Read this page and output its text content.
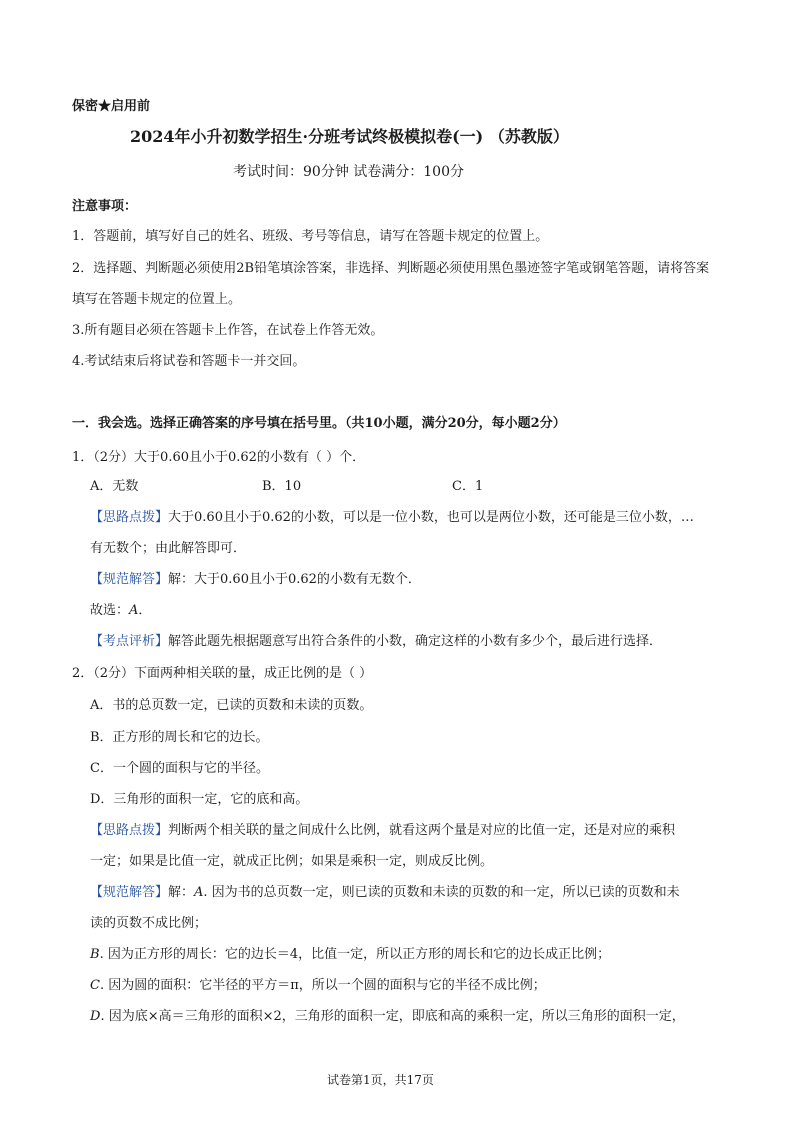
保密★启用前
2024年小升初数学招生·分班考试终极模拟卷(一) （苏教版）
考试时间：90分钟 试卷满分：100分
注意事项：
1．答题前，填写好自己的姓名、班级、考号等信息，请写在答题卡规定的位置上。
2．选择题、判断题必须使用2B铅笔填涂答案，非选择、判断题必须使用黑色墨迹签字笔或钢笔答题，请将答案
填写在答题卡规定的位置上。
3.所有题目必须在答题卡上作答，在试卷上作答无效。
4.考试结束后将试卷和答题卡一并交回。
一．我会选。选择正确答案的序号填在括号里。（共10小题，满分20分，每小题2分）
1．（2分）大于0.60且小于0.62的小数有（ ）个．
A．无数	B．10	C．1
【思路点拨】大于0.60且小于0.62的小数，可以是一位小数，也可以是两位小数，还可能是三位小数，…
有无数个；由此解答即可．
【规范解答】解：大于0.60且小于0.62的小数有无数个．
故选：A．
【考点评析】解答此题先根据题意写出符合条件的小数，确定这样的小数有多少个，最后进行选择．
2．（2分）下面两种相关联的量，成正比例的是（ ）
A．书的总页数一定，已读的页数和未读的页数。
B．正方形的周长和它的边长。
C．一个圆的面积与它的半径。
D．三角形的面积一定，它的底和高。
【思路点拨】判断两个相关联的量之间成什么比例，就看这两个量是对应的比值一定，还是对应的乘积
一定；如果是比值一定，就成正比例；如果是乘积一定，则成反比例。
【规范解答】解：A. 因为书的总页数一定，则已读的页数和未读的页数的和一定，所以已读的页数和未
读的页数不成比例；
B. 因为正方形的周长：它的边长＝4，比值一定，所以正方形的周长和它的边长成正比例；
C. 因为圆的面积：它半径的平方＝π，所以一个圆的面积与它的半径不成比例；
D. 因为底×高＝三角形的面积×2，三角形的面积一定，即底和高的乘积一定，所以三角形的面积一定，
试卷第1页，共17页
